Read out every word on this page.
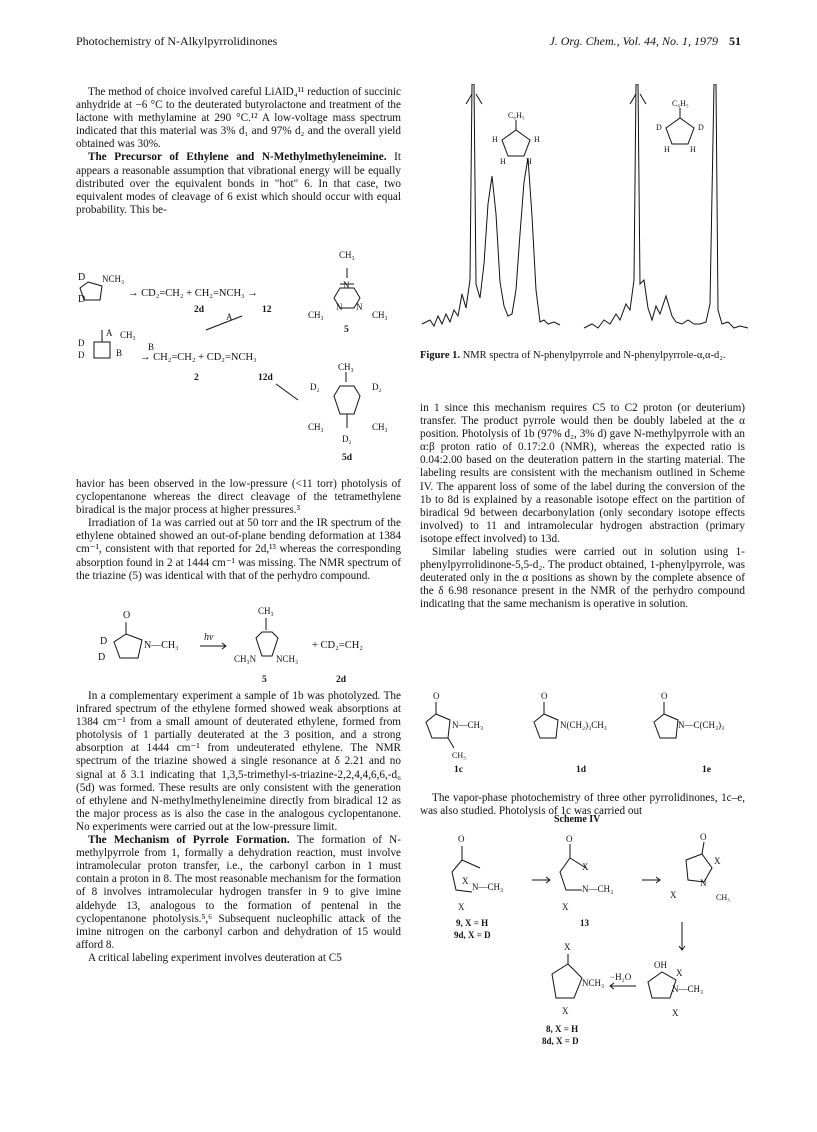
Photochemistry of N-Alkylpyrrolidinones	J. Org. Chem., Vol. 44, No. 1, 1979 51

The method of choice involved careful LiAlD₄¹¹ reduction of succinic anhydride at −6 °C to the deuterated butyrolactone and treatment of the lactone with methylamine at 290 °C.¹² A low-voltage mass spectrum indicated that this material was 3% d₁ and 97% d₂ and the overall yield obtained was 30%.

The Precursor of Ethylene and N-Methylmethyleneimine. It appears a reasonable assumption that vibrational energy will be equally distributed over the equivalent bonds in "hot" 6. In that case, two equivalent modes of cleavage of 6 exist which should occur with equal probability. This be-

D
D
NCH₃
→ CD₂=CH₂ + CH₂=NCH₃ →
2d	12
CH₃
N
N N
CH₃	CH₃
5
A
A CH₃
D
D	B
B
→ CH₂=CH₂ + CD₂=NCH₃
2	12d
CH₃
D₂	D₂
CH₃	CH₃
D₂
5d

havior has been observed in the low-pressure (<11 torr) photolysis of cyclopentanone whereas the direct cleavage of the tetramethylene biradical is the major process at higher pressures.³

Irradiation of 1a was carried out at 50 torr and the IR spectrum of the ethylene obtained showed an out-of-plane bending deformation at 1384 cm⁻¹, consistent with that reported for 2d,¹³ whereas the corresponding absorption found in 2 at 1444 cm⁻¹ was missing. The NMR spectrum of the triazine (5) was identical with that of the perhydro compound.

O
D
D
N—CH₃
hν
CH₃
CH₃N NCH₃
+ CD₂=CH₂
5	2d

In a complementary experiment a sample of 1b was photolyzed. The infrared spectrum of the ethylene formed showed weak absorptions at 1384 cm⁻¹ from a small amount of deuterated ethylene, formed from photolysis of 1 partially deuterated at the 3 position, and a strong absorption at 1444 cm⁻¹ from undeuterated ethylene. The NMR spectrum of the triazine showed a single resonance at δ 2.21 and no signal at δ 3.1 indicating that 1,3,5-trimethyl-s-triazine-2,2,4,4,6,6,-d₆ (5d) was formed. These results are only consistent with the generation of ethylene and N-methylmethyleneimine directly from biradical 12 as the major process as is also the case in the analogous cyclopentanone. No experiments were carried out at the low-pressure limit.

The Mechanism of Pyrrole Formation. The formation of N-methylpyrrole from 1, formally a dehydration reaction, must involve intramolecular proton transfer, i.e., the carbonyl carbon in 1 must contain a proton in 8. The most reasonable mechanism for the formation of 8 involves intramolecular hydrogen transfer in 9 to give imine aldehyde 13, analogous to the formation of pentenal in the cyclopentanone photolysis.⁵,⁶ Subsequent nucleophilic attack of the imine nitrogen on the carbonyl carbon and dehydration of 15 would afford 8.

A critical labeling experiment involves deuteration at C5

C₆H₅
H	H
H	H
C₆H₅
D	D
H	H
Figure 1. NMR spectra of N-phenylpyrrole and N-phenylpyrrole-α,α-d₂.

in 1 since this mechanism requires C5 to C2 proton (or deuterium) transfer. The product pyrrole would then be doubly labeled at the α position. Photolysis of 1b (97% d₂, 3% d) gave N-methylpyrrole with an α:β proton ratio of 0.17:2.0 (NMR), whereas the expected ratio is 0.04:2.00 based on the deuteration pattern in the starting material. The labeling results are consistent with the mechanism outlined in Scheme IV. The apparent loss of some of the label during the conversion of the 1b to 8d is explained by a reasonable isotope effect on the partition of biradical 9d between decarbonylation (only secondary isotope effects involved) to 11 and intramolecular hydrogen abstraction (primary isotope effect involved) to 13d.

Similar labeling studies were carried out in solution using 1-phenylpyrrolidinone-5,5-d₂. The product obtained, 1-phenylpyrrole, was deuterated only in the α positions as shown by the complete absence of the δ 6.98 resonance present in the NMR of the perhydro compound indicating that the same mechanism is operative in solution.

O
N—CH₃
CH₃
1c
O
N(CH₂)₃CH₃
1d
O
N—C(CH₃)₃
1e

The vapor-phase photochemistry of three other pyrrolidinones, 1c–e, was also studied. Photolysis of 1c was carried out

Scheme IV
O
X
N—CH₃
X
9, X = H
9d, X = D
O
X
N—CH₃
X
13
O
X
N
X	CH₃
OH
X
N—CH₃
X
−H₂O
X
NCH₃
X
8, X = H
8d, X = D
